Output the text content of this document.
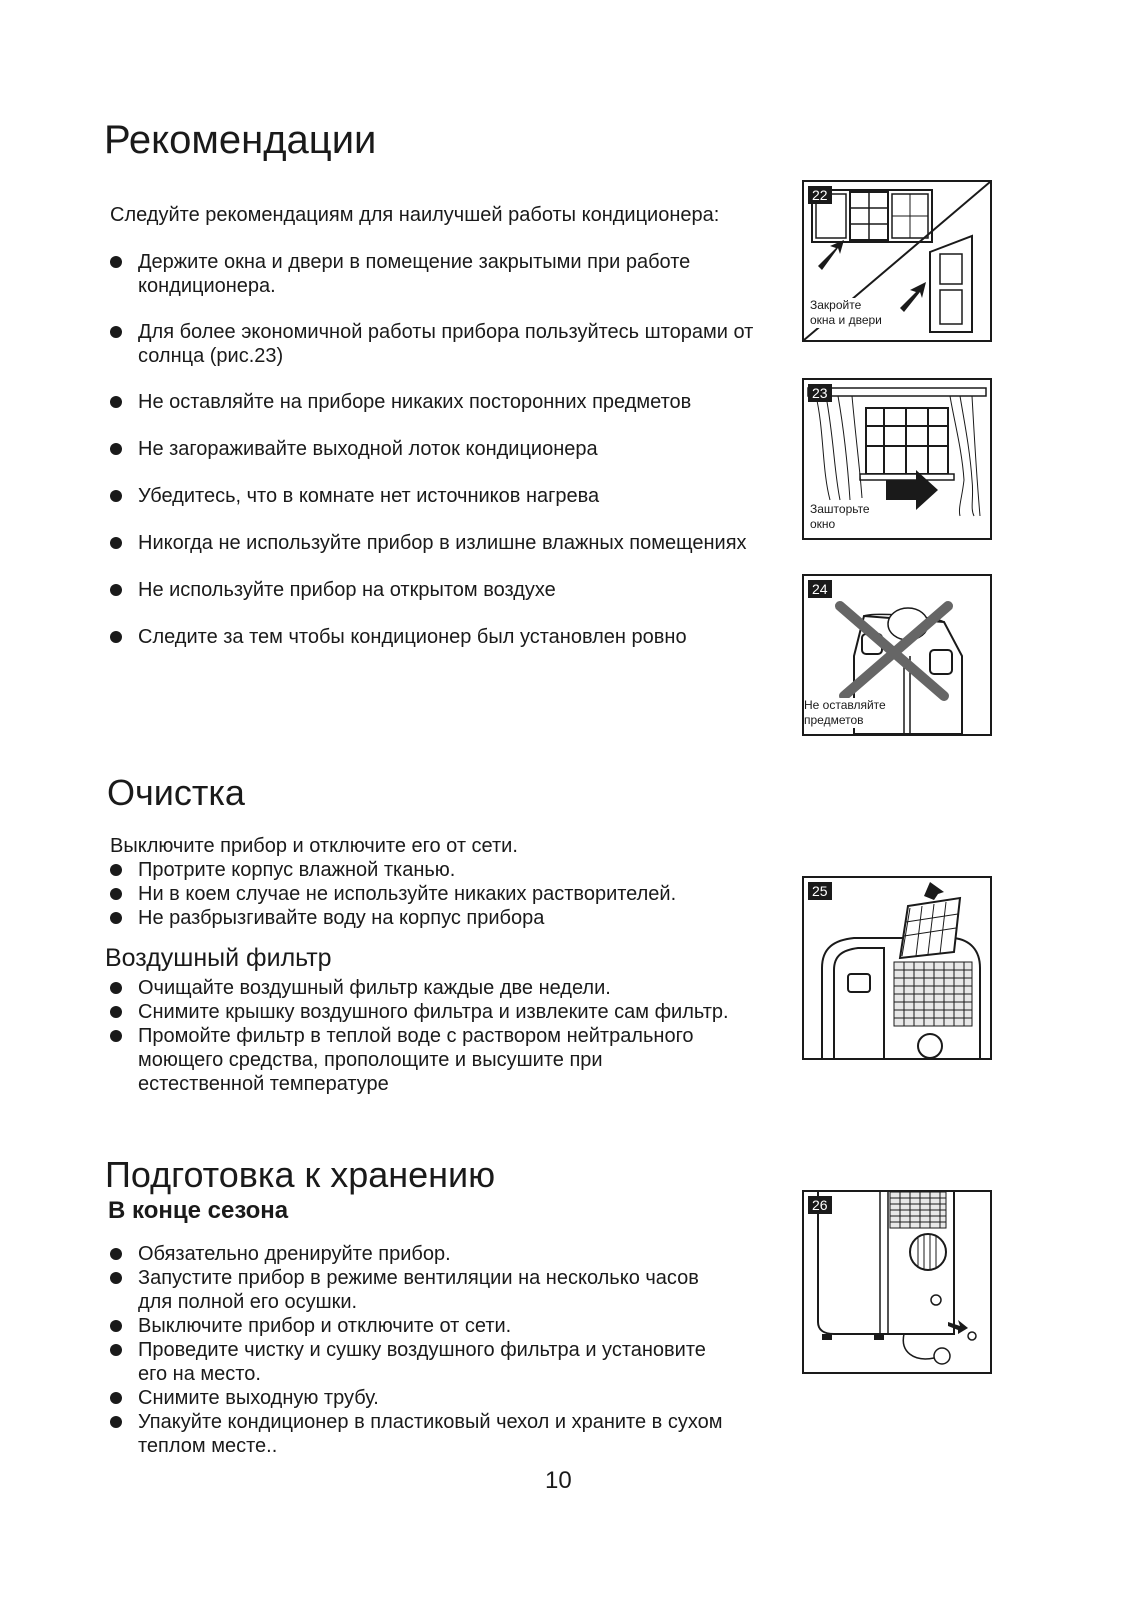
Рекомендации

Следуйте рекомендациям для наилучшей работы кондиционера:

Держите окна и двери в помещение закрытыми при работе кондиционера.
Для более экономичной работы прибора пользуйтесь шторами от солнца (рис.23)
Не оставляйте на приборе никаких посторонних предметов
Не загораживайте выходной лоток кондиционера
Убедитесь, что в комнате нет источников нагрева
Никогда не используйте прибор в излишне влажных помещениях
Не используйте прибор на открытом воздухе
Следите за тем чтобы кондиционер был установлен ровно
Очистка

Выключите прибор и отключите его от сети.

Протрите корпус влажной тканью.
Ни в коем случае не используйте никаких растворителей.
Не разбрызгивайте воду на корпус прибора
Воздушный фильтр
Очищайте воздушный фильтр каждые две недели.
Снимите крышку воздушного фильтра и извлеките сам фильтр.
Промойте фильтр в теплой воде с раствором нейтрального моющего средства, прополощите и высушите при естественной температуре
Подготовка к хранению
В конце сезона
Обязательно дренируйте прибор.
Запустите прибор в режиме вентиляции на несколько часов для полной его осушки.
Выключите прибор и отключите от сети.
Проведите чистку и сушку воздушного фильтра и установите его на место.
Снимите выходную трубу.
Упакуйте кондиционер в пластиковый чехол и храните в сухом теплом месте..
10
22
Закройте
окна и двери
23
Зашторьте
окно
24
Не оставляйте
предметов
25
26
